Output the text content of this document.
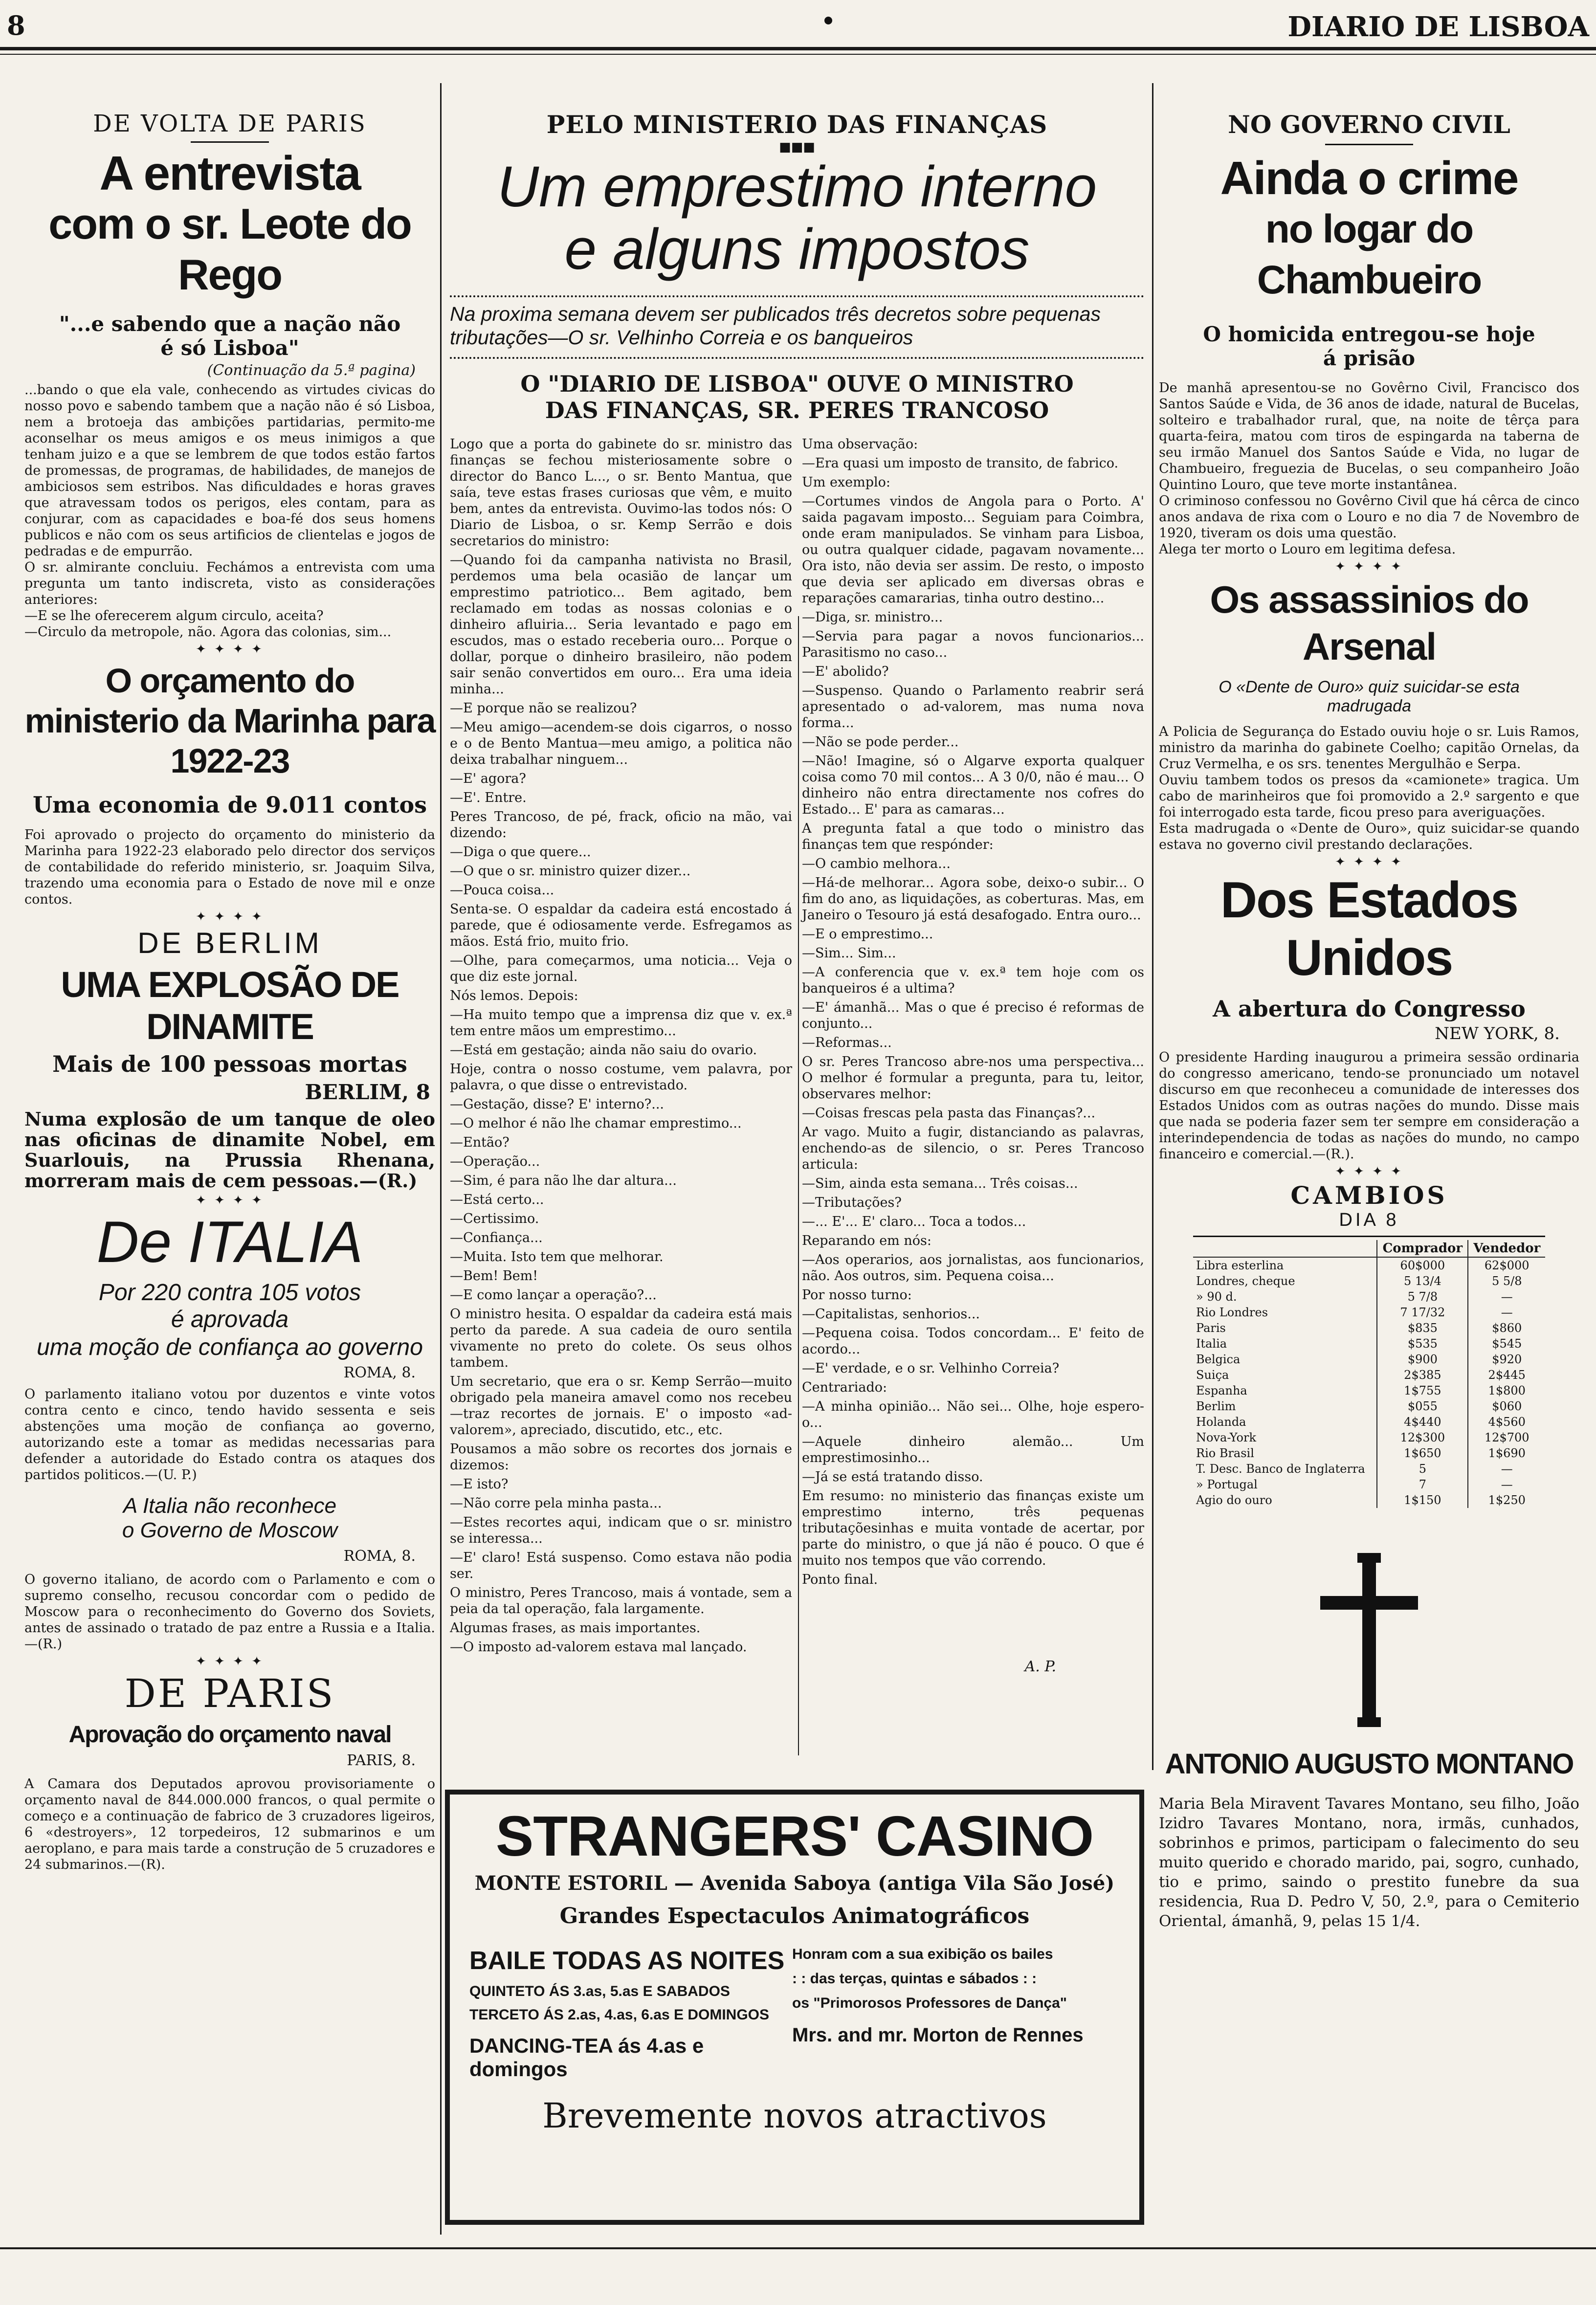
8	DIARIO DE LISBOA
DE VOLTA DE PARIS
A entrevista
com o sr. Leote do Rego
"...e sabendo que a nação não
é só Lisboa"
(Continuação da 5.ª pagina)

...bando o que ela vale, conhecendo as virtudes civicas do nosso povo e sabendo tambem que a nação não é só Lisboa, nem a brotoeja das ambições partidarias, permito-me aconselhar os meus amigos e os meus inimigos a que tenham juizo e a que se lembrem de que todos estão fartos de promessas, de programas, de habilidades, de manejos de ambiciosos sem estribos. Nas dificuldades e horas graves que atravessam todos os perigos, eles contam, para as conjurar, com as capacidades e boa-fé dos seus homens publicos e não com os seus artificios de clientelas e jogos de pedradas e de empurrão.

O sr. almirante concluiu. Fechámos a entrevista com uma pregunta um tanto indiscreta, visto as considerações anteriores:

—E se lhe oferecerem algum circulo, aceita?

—Circulo da metropole, não. Agora das colonias, sim...

✦ ✦ ✦ ✦
O orçamento do ministerio da Marinha para 1922-23
Uma economia de 9.011 contos

Foi aprovado o projecto do orçamento do ministerio da Marinha para 1922-23 elaborado pelo director dos serviços de contabilidade do referido ministerio, sr. Joaquim Silva, trazendo uma economia para o Estado de nove mil e onze contos.

✦ ✦ ✦ ✦
DE BERLIM
UMA EXPLOSÃO DE DINAMITE
Mais de 100 pessoas mortas
BERLIM, 8

Numa explosão de um tanque de oleo nas oficinas de dinamite Nobel, em Suarlouis, na Prussia Rhenana, morreram mais de cem pessoas.—(R.)

✦ ✦ ✦ ✦
De ITALIA
Por 220 contra 105 votos
é aprovada
uma moção de confiança ao governo
ROMA, 8.

O parlamento italiano votou por duzentos e vinte votos contra cento e cinco, tendo havido sessenta e seis abstenções uma moção de confiança ao governo, autorizando este a tomar as medidas necessarias para defender a autoridade do Estado contra os ataques dos partidos politicos.—(U. P.)

A Italia não reconhece
o Governo de Moscow
ROMA, 8.

O governo italiano, de acordo com o Parlamento e com o supremo conselho, recusou concordar com o pedido de Moscow para o reconhecimento do Governo dos Soviets, antes de assinado o tratado de paz entre a Russia e a Italia.—(R.)

✦ ✦ ✦ ✦
DE PARIS
Aprovação do orçamento naval
PARIS, 8.

A Camara dos Deputados aprovou provisoriamente o orçamento naval de 844.000.000 francos, o qual permite o começo e a continuação de fabrico de 3 cruzadores ligeiros, 6 «destroyers», 12 torpedeiros, 12 submarinos e um aeroplano, e para mais tarde a construção de 5 cruzadores e 24 submarinos.—(R).

PELO MINISTERIO DAS FINANÇAS
■■■
Um emprestimo interno
e alguns impostos
Na proxima semana devem ser publicados três decretos sobre pequenas tributações—O sr. Velhinho Correia e os banqueiros
O "DIARIO DE LISBOA" OUVE O MINISTRO
DAS FINANÇAS, SR. PERES TRANCOSO

Logo que a porta do gabinete do sr. ministro das finanças se fechou misteriosamente sobre o director do Banco L..., o sr. Bento Mantua, que saía, teve estas frases curiosas que vêm, e muito bem, antes da entrevista. Ouvimo-las todos nós: O Diario de Lisboa, o sr. Kemp Serrão e dois secretarios do ministro:

—Quando foi da campanha nativista no Brasil, perdemos uma bela ocasião de lançar um emprestimo patriotico... Bem agitado, bem reclamado em todas as nossas colonias e o dinheiro afluiria... Seria levantado e pago em escudos, mas o estado receberia ouro... Porque o dollar, porque o dinheiro brasileiro, não podem sair senão convertidos em ouro... Era uma ideia minha...

—E porque não se realizou?

—Meu amigo—acendem-se dois cigarros, o nosso e o de Bento Mantua—meu amigo, a politica não deixa trabalhar ninguem...

—E' agora?

—E'. Entre.

Peres Trancoso, de pé, frack, oficio na mão, vai dizendo:

—Diga o que quere...

—O que o sr. ministro quizer dizer...

—Pouca coisa...

Senta-se. O espaldar da cadeira está encostado á parede, que é odiosamente verde. Esfregamos as mãos. Está frio, muito frio.

—Olhe, para começarmos, uma noticia... Veja o que diz este jornal.

Nós lemos. Depois:

—Ha muito tempo que a imprensa diz que v. ex.ª tem entre mãos um emprestimo...

—Está em gestação; ainda não saiu do ovario.

Hoje, contra o nosso costume, vem palavra, por palavra, o que disse o entrevistado.

—Gestação, disse? E' interno?...

—O melhor é não lhe chamar emprestimo...

—Então?

—Operação...

—Sim, é para não lhe dar altura...

—Está certo...

—Certissimo.

—Confiança...

—Muita. Isto tem que melhorar.

—Bem! Bem!

—E como lançar a operação?...

O ministro hesita. O espaldar da cadeira está mais perto da parede. A sua cadeia de ouro sentila vivamente no preto do colete. Os seus olhos tambem.

Um secretario, que era o sr. Kemp Serrão—muito obrigado pela maneira amavel como nos recebeu—traz recortes de jornais. E' o imposto «ad-valorem», apreciado, discutido, etc., etc.

Pousamos a mão sobre os recortes dos jornais e dizemos:

—E isto?

—Não corre pela minha pasta...

—Estes recortes aqui, indicam que o sr. ministro se interessa...

—E' claro! Está suspenso. Como estava não podia ser.

O ministro, Peres Trancoso, mais á vontade, sem a peia da tal operação, fala largamente.

Algumas frases, as mais importantes.

—O imposto ad-valorem estava mal lançado.

Uma observação:

—Era quasi um imposto de transito, de fabrico.

Um exemplo:

—Cortumes vindos de Angola para o Porto. A' saida pagavam imposto... Seguiam para Coimbra, onde eram manipulados. Se vinham para Lisboa, ou outra qualquer cidade, pagavam novamente... Ora isto, não devia ser assim. De resto, o imposto que devia ser aplicado em diversas obras e reparações camararias, tinha outro destino...

—Diga, sr. ministro...

—Servia para pagar a novos funcionarios... Parasitismo no caso...

—E' abolido?

—Suspenso. Quando o Parlamento reabrir será apresentado o ad-valorem, mas numa nova forma...

—Não se pode perder...

—Não! Imagine, só o Algarve exporta qualquer coisa como 70 mil contos... A 3 0/0, não é mau... O dinheiro não entra directamente nos cofres do Estado... E' para as camaras...

A pregunta fatal a que todo o ministro das finanças tem que respónder:

—O cambio melhora...

—Há-de melhorar... Agora sobe, deixo-o subir... O fim do ano, as liquidações, as coberturas. Mas, em Janeiro o Tesouro já está desafogado. Entra ouro...

—E o emprestimo...

—Sim... Sim...

—A conferencia que v. ex.ª tem hoje com os banqueiros é a ultima?

—E' ámanhã... Mas o que é preciso é reformas de conjunto...

—Reformas...

O sr. Peres Trancoso abre-nos uma perspectiva... O melhor é formular a pregunta, para tu, leitor, observares melhor:

—Coisas frescas pela pasta das Finanças?...

Ar vago. Muito a fugir, distanciando as palavras, enchendo-as de silencio, o sr. Peres Trancoso articula:

—Sim, ainda esta semana... Três coisas...

—Tributações?

—... E'... E' claro... Toca a todos...

Reparando em nós:

—Aos operarios, aos jornalistas, aos funcionarios, não. Aos outros, sim. Pequena coisa...

Por nosso turno:

—Capitalistas, senhorios...

—Pequena coisa. Todos concordam... E' feito de acordo...

—E' verdade, e o sr. Velhinho Correia?

Centrariado:

—A minha opinião... Não sei... Olhe, hoje espero-o...

—Aquele dinheiro alemão... Um emprestimosinho...

—Já se está tratando disso.

Em resumo: no ministerio das finanças existe um emprestimo interno, três pequenas tributaçõesinhas e muita vontade de acertar, por parte do ministro, o que já não é pouco. O que é muito nos tempos que vão correndo.

Ponto final.

A. P.
STRANGERS' CASINO
MONTE ESTORIL — Avenida Saboya (antiga Vila São José)
Grandes Espectaculos Animatográficos
BAILE TODAS AS NOITES
QUINTETO ÁS 3.as, 5.as E SABADOS
TERCETO ÁS 2.as, 4.as, 6.as E DOMINGOS
DANCING-TEA ás 4.as e domingos
Honram com a sua exibição os bailes
: : das terças, quintas e sábados : :
os "Primorosos Professores de Dança"
Mrs. and mr. Morton de Rennes
Brevemente novos atractivos
NO GOVERNO CIVIL
Ainda o crime
no logar do Chambueiro
O homicida entregou-se hoje
á prisão

De manhã apresentou-se no Govêrno Civil, Francisco dos Santos Saúde e Vida, de 36 anos de idade, natural de Bucelas, solteiro e trabalhador rural, que, na noite de têrça para quarta-feira, matou com tiros de espingarda na taberna de seu irmão Manuel dos Santos Saúde e Vida, no lugar de Chambueiro, freguezia de Bucelas, o seu companheiro João Quintino Louro, que teve morte instantânea.

O criminoso confessou no Govêrno Civil que há cêrca de cinco anos andava de rixa com o Louro e no dia 7 de Novembro de 1920, tiveram os dois uma questão.

Alega ter morto o Louro em legitima defesa.

✦ ✦ ✦ ✦
Os assassinios do Arsenal
O «Dente de Ouro» quiz suicidar-se esta
madrugada

A Policia de Segurança do Estado ouviu hoje o sr. Luis Ramos, ministro da marinha do gabinete Coelho; capitão Ornelas, da Cruz Vermelha, e os srs. tenentes Mergulhão e Serpa.

Ouviu tambem todos os presos da «camionete» tragica. Um cabo de marinheiros que foi promovido a 2.º sargento e que foi interrogado esta tarde, ficou preso para averiguações.

Esta madrugada o «Dente de Ouro», quiz suicidar-se quando estava no governo civil prestando declarações.

✦ ✦ ✦ ✦
Dos Estados Unidos
A abertura do Congresso
NEW YORK, 8.

O presidente Harding inaugurou a primeira sessão ordinaria do congresso americano, tendo-se pronunciado um notavel discurso em que reconheceu a comunidade de interesses dos Estados Unidos com as outras nações do mundo. Disse mais que nada se poderia fazer sem ter sempre em consideração a interindependencia de todas as nações do mundo, no campo financeiro e comercial.—(R.).

✦ ✦ ✦ ✦
CAMBIOS
DIA 8
	Comprador	Vendedor
Libra esterlina	60$000	62$000
Londres, cheque	5 13/4	5 5/8
» 90 d.	5 7/8	—
Rio Londres	7 17/32	—
Paris	$835	$860
Italia	$535	$545
Belgica	$900	$920
Suiça	2$385	2$445
Espanha	1$755	1$800
Berlim	$055	$060
Holanda	4$440	4$560
Nova-York	12$300	12$700
Rio Brasil	1$650	1$690
T. Desc. Banco de Inglaterra	5	—
» Portugal	7	—
Agio do ouro	1$150	1$250
ANTONIO AUGUSTO MONTANO

Maria Bela Miravent Tavares Montano, seu filho, João Izidro Tavares Montano, nora, irmãs, cunhados, sobrinhos e primos, participam o falecimento do seu muito querido e chorado marido, pai, sogro, cunhado, tio e primo, saindo o prestito funebre da sua residencia, Rua D. Pedro V, 50, 2.º, para o Cemiterio Oriental, ámanhã, 9, pelas 15 1/4.
